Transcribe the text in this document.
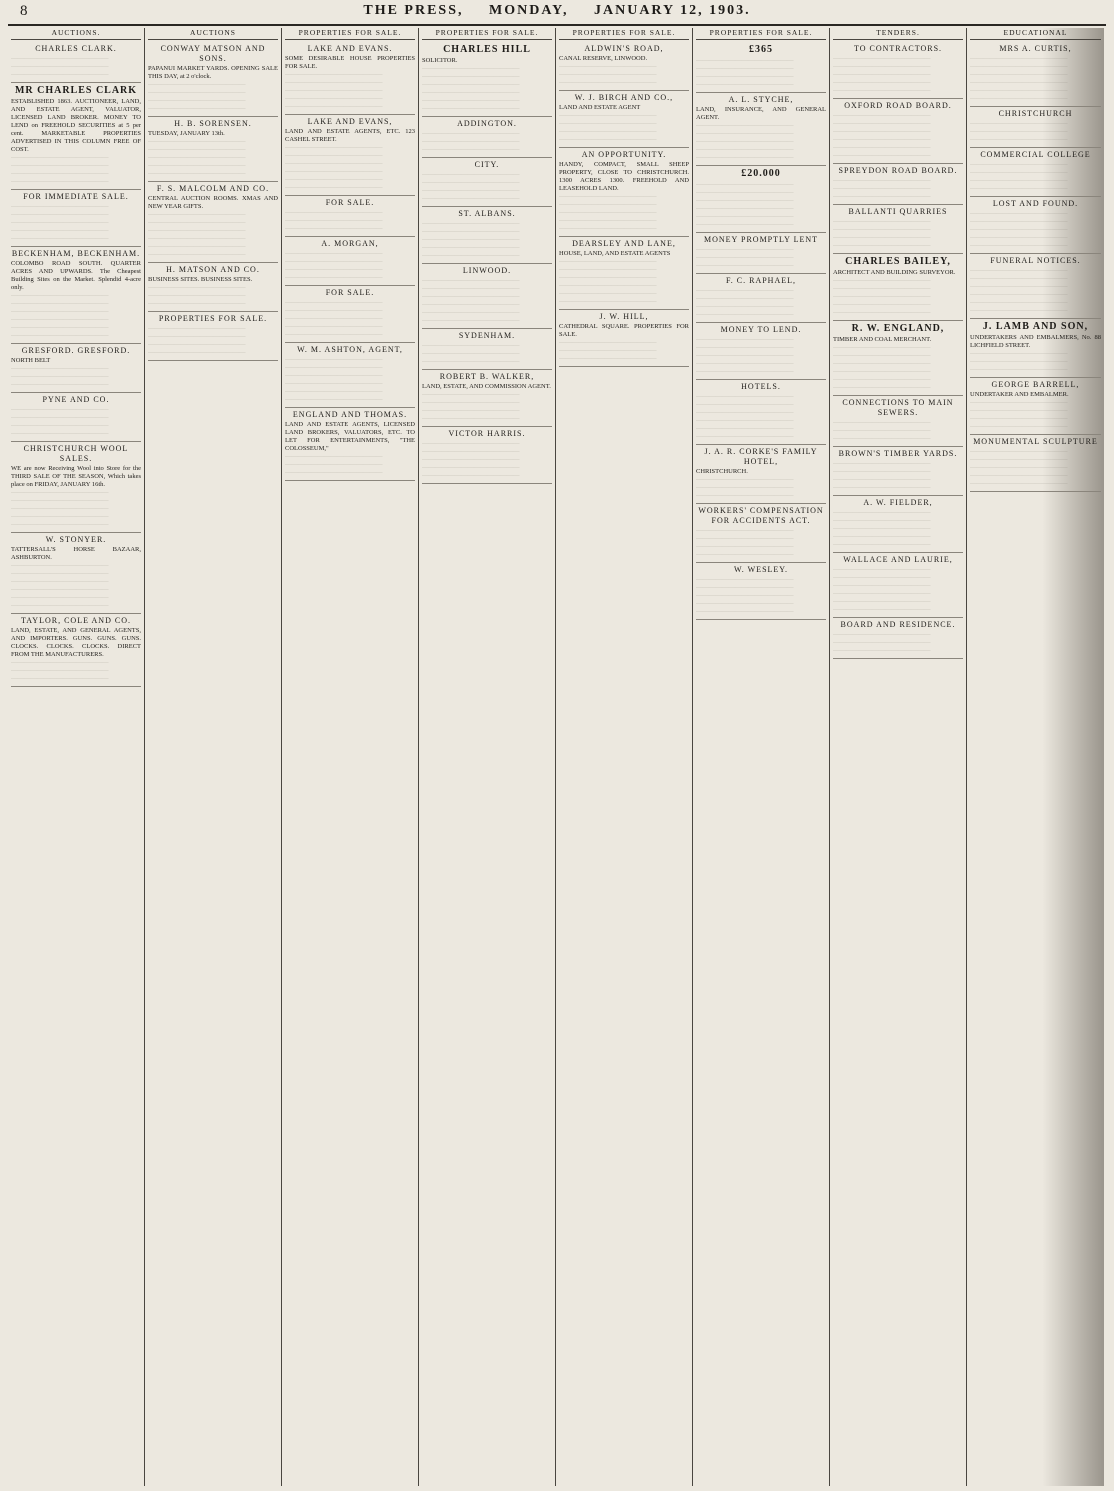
8	THE PRESS, MONDAY, JANUARY 12, 1903.
AUCTIONS.
CHARLES CLARK.
––––––––––––––––––––––––––––––
––––––––––––––––––––––––––––––
––––––––––––––––––––––––––––––
MR CHARLES CLARK

ESTABLISHED 1863. AUCTIONEER, LAND, AND ESTATE AGENT, VALUATOR, LICENSED LAND BROKER. MONEY TO LEND on FREEHOLD SECURITIES at 5 per cent. MARKETABLE PROPERTIES ADVERTISED IN THIS COLUMN FREE OF COST.

––––––––––––––––––––––––––––––
––––––––––––––––––––––––––––––
––––––––––––––––––––––––––––––
––––––––––––––––––––––––––––––
FOR IMMEDIATE SALE.
––––––––––––––––––––––––––––––
––––––––––––––––––––––––––––––
––––––––––––––––––––––––––––––
––––––––––––––––––––––––––––––
––––––––––––––––––––––––––––––
BECKENHAM, BECKENHAM.

COLOMBO ROAD SOUTH. QUARTER ACRES AND UPWARDS. The Cheapest Building Sites on the Market. Splendid 4-acre only.

––––––––––––––––––––––––––––––
––––––––––––––––––––––––––––––
––––––––––––––––––––––––––––––
––––––––––––––––––––––––––––––
––––––––––––––––––––––––––––––
––––––––––––––––––––––––––––––
GRESFORD. GRESFORD.

NORTH BELT

––––––––––––––––––––––––––––––
––––––––––––––––––––––––––––––
––––––––––––––––––––––––––––––
PYNE AND CO.
––––––––––––––––––––––––––––––
––––––––––––––––––––––––––––––
––––––––––––––––––––––––––––––
––––––––––––––––––––––––––––––
CHRISTCHURCH WOOL SALES.

WE are now Receiving Wool into Store for the THIRD SALE OF THE SEASON, Which takes place on FRIDAY, JANUARY 16th.

––––––––––––––––––––––––––––––
––––––––––––––––––––––––––––––
––––––––––––––––––––––––––––––
––––––––––––––––––––––––––––––
––––––––––––––––––––––––––––––
W. STONYER.

TATTERSALL'S HORSE BAZAAR, ASHBURTON.

––––––––––––––––––––––––––––––
––––––––––––––––––––––––––––––
––––––––––––––––––––––––––––––
––––––––––––––––––––––––––––––
––––––––––––––––––––––––––––––
––––––––––––––––––––––––––––––
TAYLOR, COLE AND CO.

LAND, ESTATE, AND GENERAL AGENTS, AND IMPORTERS. GUNS. GUNS. GUNS. CLOCKS. CLOCKS. CLOCKS. DIRECT FROM THE MANUFACTURERS.

––––––––––––––––––––––––––––––
––––––––––––––––––––––––––––––
––––––––––––––––––––––––––––––
AUCTIONS
CONWAY MATSON AND SONS.

PAPANUI MARKET YARDS. OPENING SALE THIS DAY, at 2 o'clock.

––––––––––––––––––––––––––––––
––––––––––––––––––––––––––––––
––––––––––––––––––––––––––––––
––––––––––––––––––––––––––––––
H. B. SORENSEN.

TUESDAY, JANUARY 13th.

––––––––––––––––––––––––––––––
––––––––––––––––––––––––––––––
––––––––––––––––––––––––––––––
––––––––––––––––––––––––––––––
––––––––––––––––––––––––––––––
F. S. MALCOLM AND CO.

CENTRAL AUCTION ROOMS. XMAS AND NEW YEAR GIFTS.

––––––––––––––––––––––––––––––
––––––––––––––––––––––––––––––
––––––––––––––––––––––––––––––
––––––––––––––––––––––––––––––
––––––––––––––––––––––––––––––
––––––––––––––––––––––––––––––
H. MATSON AND CO.

BUSINESS SITES. BUSINESS SITES.

––––––––––––––––––––––––––––––
––––––––––––––––––––––––––––––
––––––––––––––––––––––––––––––
PROPERTIES FOR SALE.
––––––––––––––––––––––––––––––
––––––––––––––––––––––––––––––
––––––––––––––––––––––––––––––
––––––––––––––––––––––––––––––
PROPERTIES FOR SALE.
LAKE AND EVANS.

SOME DESIRABLE HOUSE PROPERTIES FOR SALE.

––––––––––––––––––––––––––––––
––––––––––––––––––––––––––––––
––––––––––––––––––––––––––––––
––––––––––––––––––––––––––––––
––––––––––––––––––––––––––––––
LAKE AND EVANS,

LAND AND ESTATE AGENTS, ETC. 123 CASHEL STREET.

––––––––––––––––––––––––––––––
––––––––––––––––––––––––––––––
––––––––––––––––––––––––––––––
––––––––––––––––––––––––––––––
––––––––––––––––––––––––––––––
––––––––––––––––––––––––––––––
FOR SALE.
––––––––––––––––––––––––––––––
––––––––––––––––––––––––––––––
––––––––––––––––––––––––––––––
A. MORGAN,
––––––––––––––––––––––––––––––
––––––––––––––––––––––––––––––
––––––––––––––––––––––––––––––
––––––––––––––––––––––––––––––
FOR SALE.
––––––––––––––––––––––––––––––
––––––––––––––––––––––––––––––
––––––––––––––––––––––––––––––
––––––––––––––––––––––––––––––
––––––––––––––––––––––––––––––
W. M. ASHTON, AGENT,
––––––––––––––––––––––––––––––
––––––––––––––––––––––––––––––
––––––––––––––––––––––––––––––
––––––––––––––––––––––––––––––
––––––––––––––––––––––––––––––
––––––––––––––––––––––––––––––
ENGLAND AND THOMAS.

LAND AND ESTATE AGENTS, LICENSED LAND BROKERS, VALUATORS, ETC. TO LET FOR ENTERTAINMENTS, "THE COLOSSEUM,"

––––––––––––––––––––––––––––––
––––––––––––––––––––––––––––––
––––––––––––––––––––––––––––––
PROPERTIES FOR SALE.
CHARLES HILL

SOLICITOR.

––––––––––––––––––––––––––––––
––––––––––––––––––––––––––––––
––––––––––––––––––––––––––––––
––––––––––––––––––––––––––––––
––––––––––––––––––––––––––––––
––––––––––––––––––––––––––––––
ADDINGTON.
––––––––––––––––––––––––––––––
––––––––––––––––––––––––––––––
––––––––––––––––––––––––––––––
CITY.
––––––––––––––––––––––––––––––
––––––––––––––––––––––––––––––
––––––––––––––––––––––––––––––
––––––––––––––––––––––––––––––
ST. ALBANS.
––––––––––––––––––––––––––––––
––––––––––––––––––––––––––––––
––––––––––––––––––––––––––––––
––––––––––––––––––––––––––––––
––––––––––––––––––––––––––––––
LINWOOD.
––––––––––––––––––––––––––––––
––––––––––––––––––––––––––––––
––––––––––––––––––––––––––––––
––––––––––––––––––––––––––––––
––––––––––––––––––––––––––––––
––––––––––––––––––––––––––––––
SYDENHAM.
––––––––––––––––––––––––––––––
––––––––––––––––––––––––––––––
––––––––––––––––––––––––––––––
ROBERT B. WALKER,

LAND, ESTATE, AND COMMISSION AGENT.

––––––––––––––––––––––––––––––
––––––––––––––––––––––––––––––
––––––––––––––––––––––––––––––
––––––––––––––––––––––––––––––
VICTOR HARRIS.
––––––––––––––––––––––––––––––
––––––––––––––––––––––––––––––
––––––––––––––––––––––––––––––
––––––––––––––––––––––––––––––
––––––––––––––––––––––––––––––
PROPERTIES FOR SALE.
ALDWIN'S ROAD,

CANAL RESERVE, LINWOOD.

––––––––––––––––––––––––––––––
––––––––––––––––––––––––––––––
––––––––––––––––––––––––––––––
W. J. BIRCH AND CO.,

LAND AND ESTATE AGENT

––––––––––––––––––––––––––––––
––––––––––––––––––––––––––––––
––––––––––––––––––––––––––––––
––––––––––––––––––––––––––––––
AN OPPORTUNITY.

HANDY, COMPACT, SMALL SHEEP PROPERTY, CLOSE TO CHRISTCHURCH. 1300 ACRES 1300. FREEHOLD AND LEASEHOLD LAND.

––––––––––––––––––––––––––––––
––––––––––––––––––––––––––––––
––––––––––––––––––––––––––––––
––––––––––––––––––––––––––––––
––––––––––––––––––––––––––––––
DEARSLEY AND LANE,

HOUSE, LAND, AND ESTATE AGENTS

––––––––––––––––––––––––––––––
––––––––––––––––––––––––––––––
––––––––––––––––––––––––––––––
––––––––––––––––––––––––––––––
––––––––––––––––––––––––––––––
––––––––––––––––––––––––––––––
J. W. HILL,

CATHEDRAL SQUARE. PROPERTIES FOR SALE.

––––––––––––––––––––––––––––––
––––––––––––––––––––––––––––––
––––––––––––––––––––––––––––––
PROPERTIES FOR SALE.
£365
––––––––––––––––––––––––––––––
––––––––––––––––––––––––––––––
––––––––––––––––––––––––––––––
––––––––––––––––––––––––––––––
A. L. STYCHE,

LAND, INSURANCE, AND GENERAL AGENT.

––––––––––––––––––––––––––––––
––––––––––––––––––––––––––––––
––––––––––––––––––––––––––––––
––––––––––––––––––––––––––––––
––––––––––––––––––––––––––––––
£20.000
––––––––––––––––––––––––––––––
––––––––––––––––––––––––––––––
––––––––––––––––––––––––––––––
––––––––––––––––––––––––––––––
––––––––––––––––––––––––––––––
––––––––––––––––––––––––––––––
MONEY PROMPTLY LENT
––––––––––––––––––––––––––––––
––––––––––––––––––––––––––––––
––––––––––––––––––––––––––––––
F. C. RAPHAEL,
––––––––––––––––––––––––––––––
––––––––––––––––––––––––––––––
––––––––––––––––––––––––––––––
––––––––––––––––––––––––––––––
MONEY TO LEND.
––––––––––––––––––––––––––––––
––––––––––––––––––––––––––––––
––––––––––––––––––––––––––––––
––––––––––––––––––––––––––––––
––––––––––––––––––––––––––––––
HOTELS.
––––––––––––––––––––––––––––––
––––––––––––––––––––––––––––––
––––––––––––––––––––––––––––––
––––––––––––––––––––––––––––––
––––––––––––––––––––––––––––––
––––––––––––––––––––––––––––––
J. A. R. CORKE'S FAMILY HOTEL,

CHRISTCHURCH.

––––––––––––––––––––––––––––––
––––––––––––––––––––––––––––––
––––––––––––––––––––––––––––––
WORKERS' COMPENSATION FOR ACCIDENTS ACT.
––––––––––––––––––––––––––––––
––––––––––––––––––––––––––––––
––––––––––––––––––––––––––––––
––––––––––––––––––––––––––––––
W. WESLEY.
––––––––––––––––––––––––––––––
––––––––––––––––––––––––––––––
––––––––––––––––––––––––––––––
––––––––––––––––––––––––––––––
––––––––––––––––––––––––––––––
TENDERS.
TO CONTRACTORS.
––––––––––––––––––––––––––––––
––––––––––––––––––––––––––––––
––––––––––––––––––––––––––––––
––––––––––––––––––––––––––––––
––––––––––––––––––––––––––––––
OXFORD ROAD BOARD.
––––––––––––––––––––––––––––––
––––––––––––––––––––––––––––––
––––––––––––––––––––––––––––––
––––––––––––––––––––––––––––––
––––––––––––––––––––––––––––––
––––––––––––––––––––––––––––––
SPREYDON ROAD BOARD.
––––––––––––––––––––––––––––––
––––––––––––––––––––––––––––––
––––––––––––––––––––––––––––––
BALLANTI QUARRIES
––––––––––––––––––––––––––––––
––––––––––––––––––––––––––––––
––––––––––––––––––––––––––––––
––––––––––––––––––––––––––––––
CHARLES BAILEY,

ARCHITECT AND BUILDING SURVEYOR.

––––––––––––––––––––––––––––––
––––––––––––––––––––––––––––––
––––––––––––––––––––––––––––––
––––––––––––––––––––––––––––––
––––––––––––––––––––––––––––––
R. W. ENGLAND,

TIMBER AND COAL MERCHANT.

––––––––––––––––––––––––––––––
––––––––––––––––––––––––––––––
––––––––––––––––––––––––––––––
––––––––––––––––––––––––––––––
––––––––––––––––––––––––––––––
––––––––––––––––––––––––––––––
CONNECTIONS TO MAIN SEWERS.
––––––––––––––––––––––––––––––
––––––––––––––––––––––––––––––
––––––––––––––––––––––––––––––
BROWN'S TIMBER YARDS.
––––––––––––––––––––––––––––––
––––––––––––––––––––––––––––––
––––––––––––––––––––––––––––––
––––––––––––––––––––––––––––––
A. W. FIELDER,
––––––––––––––––––––––––––––––
––––––––––––––––––––––––––––––
––––––––––––––––––––––––––––––
––––––––––––––––––––––––––––––
––––––––––––––––––––––––––––––
WALLACE AND LAURIE,
––––––––––––––––––––––––––––––
––––––––––––––––––––––––––––––
––––––––––––––––––––––––––––––
––––––––––––––––––––––––––––––
––––––––––––––––––––––––––––––
––––––––––––––––––––––––––––––
BOARD AND RESIDENCE.
––––––––––––––––––––––––––––––
––––––––––––––––––––––––––––––
––––––––––––––––––––––––––––––
EDUCATIONAL
MRS A. CURTIS,
––––––––––––––––––––––––––––––
––––––––––––––––––––––––––––––
––––––––––––––––––––––––––––––
––––––––––––––––––––––––––––––
––––––––––––––––––––––––––––––
––––––––––––––––––––––––––––––
CHRISTCHURCH
––––––––––––––––––––––––––––––
––––––––––––––––––––––––––––––
––––––––––––––––––––––––––––––
COMMERCIAL COLLEGE
––––––––––––––––––––––––––––––
––––––––––––––––––––––––––––––
––––––––––––––––––––––––––––––
––––––––––––––––––––––––––––––
LOST AND FOUND.
––––––––––––––––––––––––––––––
––––––––––––––––––––––––––––––
––––––––––––––––––––––––––––––
––––––––––––––––––––––––––––––
––––––––––––––––––––––––––––––
FUNERAL NOTICES.
––––––––––––––––––––––––––––––
––––––––––––––––––––––––––––––
––––––––––––––––––––––––––––––
––––––––––––––––––––––––––––––
––––––––––––––––––––––––––––––
––––––––––––––––––––––––––––––
J. LAMB AND SON,

UNDERTAKERS AND EMBALMERS, No. 88 LICHFIELD STREET.

––––––––––––––––––––––––––––––
––––––––––––––––––––––––––––––
––––––––––––––––––––––––––––––
GEORGE BARRELL,

UNDERTAKER AND EMBALMER.

––––––––––––––––––––––––––––––
––––––––––––––––––––––––––––––
––––––––––––––––––––––––––––––
––––––––––––––––––––––––––––––
MONUMENTAL SCULPTURE
––––––––––––––––––––––––––––––
––––––––––––––––––––––––––––––
––––––––––––––––––––––––––––––
––––––––––––––––––––––––––––––
––––––––––––––––––––––––––––––
